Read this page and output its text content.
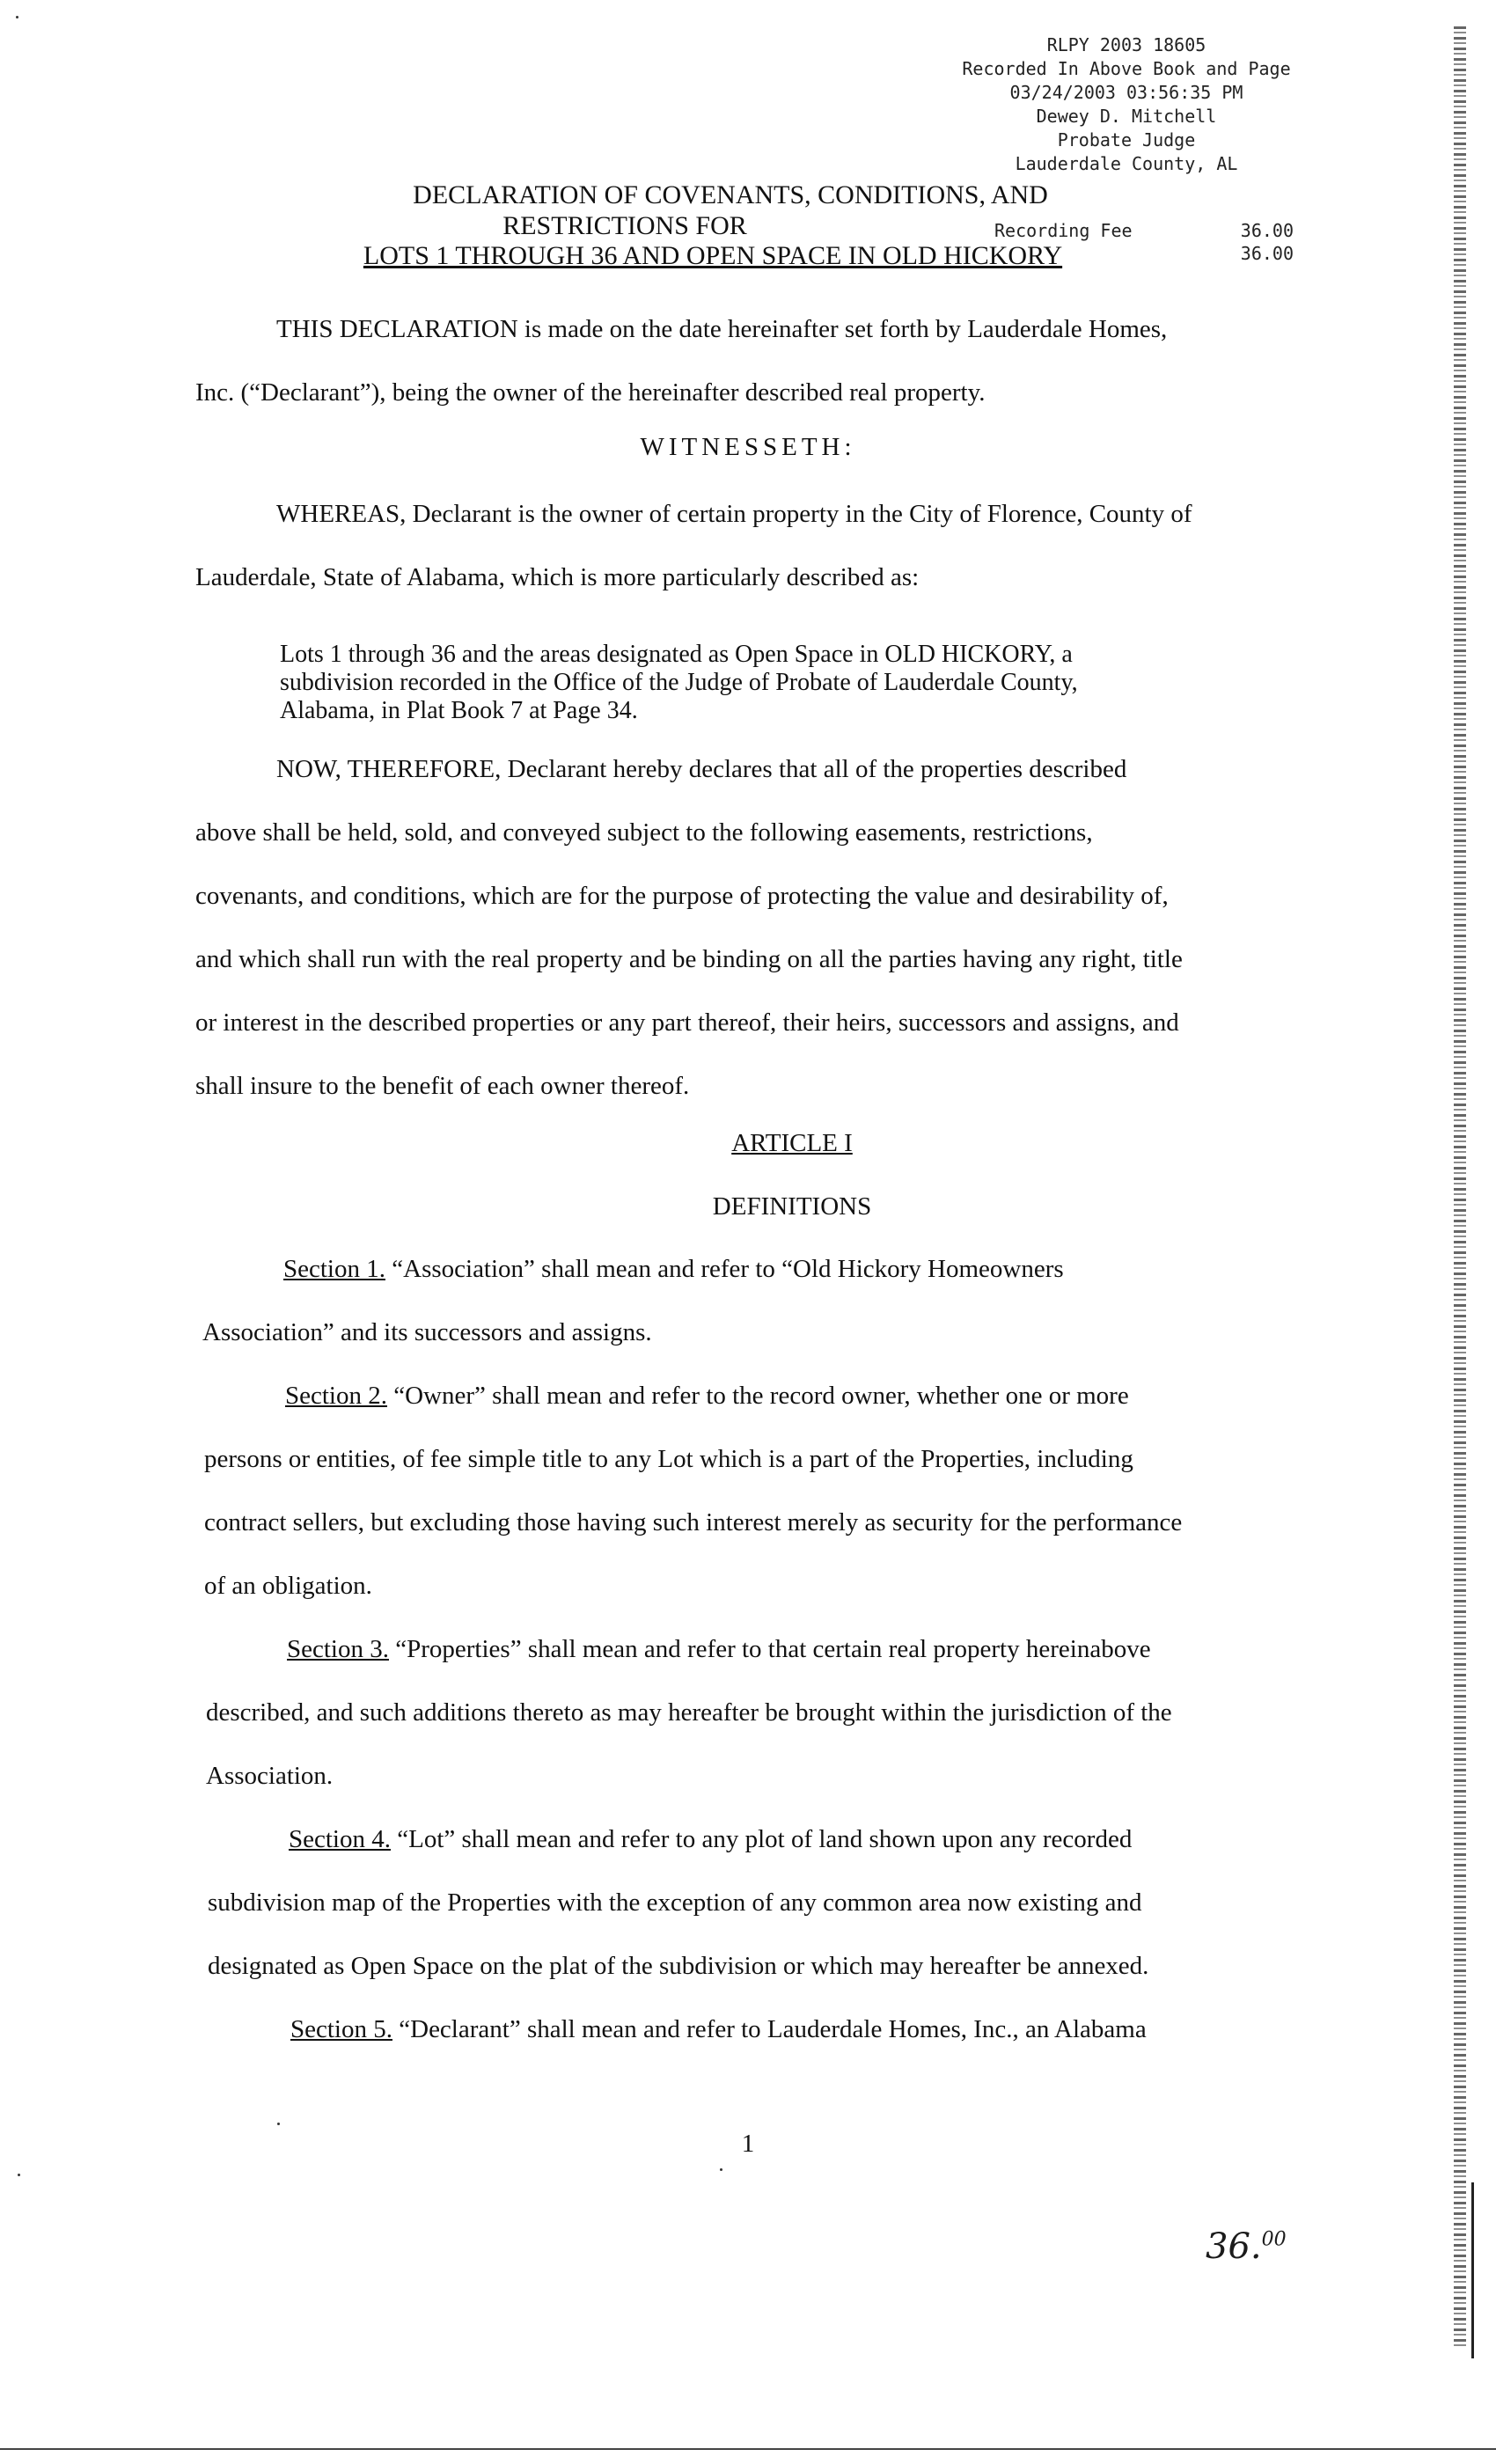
RLPY 2003 18605
Recorded In Above Book and Page
03/24/2003 03:56:35 PM
Dewey D. Mitchell
Probate Judge
Lauderdale County, AL
Recording Fee	36.00
36.00
DECLARATION OF COVENANTS, CONDITIONS, AND
RESTRICTIONS FOR
LOTS 1 THROUGH 36 AND OPEN SPACE IN OLD HICKORY
THIS DECLARATION is made on the date hereinafter set forth by Lauderdale Homes,
Inc. (“Declarant”), being the owner of the hereinafter described real property.
WITNESSETH:
WHEREAS, Declarant is the owner of certain property in the City of Florence, County of
Lauderdale, State of Alabama, which is more particularly described as:
Lots 1 through 36 and the areas designated as Open Space in OLD HICKORY, a
subdivision recorded in the Office of the Judge of Probate of Lauderdale County,
Alabama, in Plat Book 7 at Page 34.
NOW, THEREFORE, Declarant hereby declares that all of the properties described
above shall be held, sold, and conveyed subject to the following easements, restrictions,
covenants, and conditions, which are for the purpose of protecting the value and desirability of,
and which shall run with the real property and be binding on all the parties having any right, title
or interest in the described properties or any part thereof, their heirs, successors and assigns, and
shall insure to the benefit of each owner thereof.
ARTICLE I
DEFINITIONS
Section 1. “Association” shall mean and refer to “Old Hickory Homeowners
Association” and its successors and assigns.
Section 2. “Owner” shall mean and refer to the record owner, whether one or more
persons or entities, of fee simple title to any Lot which is a part of the Properties, including
contract sellers, but excluding those having such interest merely as security for the performance
of an obligation.
Section 3. “Properties” shall mean and refer to that certain real property hereinabove
described, and such additions thereto as may hereafter be brought within the jurisdiction of the
Association.
Section 4. “Lot” shall mean and refer to any plot of land shown upon any recorded
subdivision map of the Properties with the exception of any common area now existing and
designated as Open Space on the plat of the subdivision or which may hereafter be annexed.
Section 5. “Declarant” shall mean and refer to Lauderdale Homes, Inc., an Alabama
1
36.00
